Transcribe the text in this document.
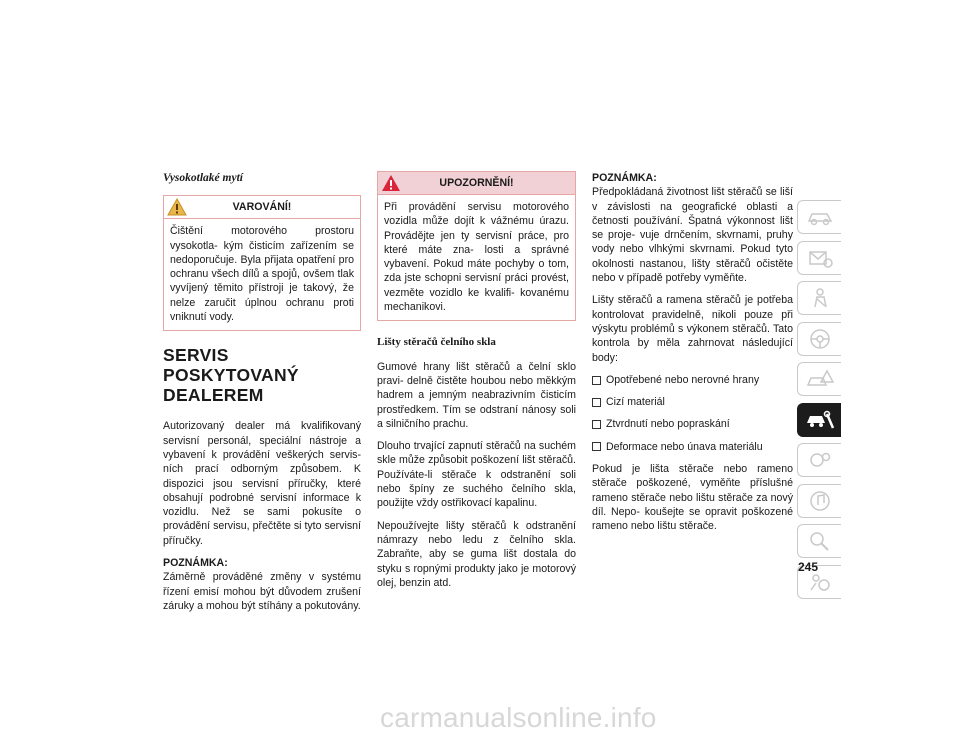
Vysokotlaké mytí
VAROVÁNÍ!
Čištění motorového prostoru vysokotla- kým čisticím zařízením se nedoporučuje. Byla přijata opatření pro ochranu všech dílů a spojů, ovšem tlak vyvíjený těmito přístroji je takový, že nelze zaručit úplnou ochranu proti vniknutí vody.
SERVIS POSKYTOVANÝ
DEALEREM

Autorizovaný dealer má kvalifikovaný servisní personál, speciální nástroje a vybavení k provádění veškerých servis- ních prací odborným způsobem. K dispozici jsou servisní příručky, které obsahují podrobné servisní informace k vozidlu. Než se sami pokusíte o provádění servisu, přečtěte si tyto servisní příručky.

POZNÁMKA:

Záměrně prováděné změny v systému řízení emisí mohou být důvodem zrušení záruky a mohou být stíhány a pokutovány.

UPOZORNĚNÍ!
Při provádění servisu motorového vozidla může dojít k vážnému úrazu. Provádějte jen ty servisní práce, pro které máte zna- losti a správné vybavení. Pokud máte pochyby o tom, zda jste schopni servisní práci provést, vezměte vozidlo ke kvalifi- kovanému mechanikovi.
Lišty stěračů čelního skla

Gumové hrany lišt stěračů a čelní sklo pravi- delně čistěte houbou nebo měkkým hadrem a jemným neabrazivním čisticím prostředkem. Tím se odstraní nánosy soli a silničního prachu.

Dlouho trvající zapnutí stěračů na suchém skle může způsobit poškození lišt stěračů. Používáte-li stěrače k odstranění soli nebo špíny ze suchého čelního skla, použijte vždy ostřikovací kapalinu.

Nepoužívejte lišty stěračů k odstranění námrazy nebo ledu z čelního skla. Zabraňte, aby se guma lišt dostala do styku s ropnými produkty jako je motorový olej, benzin atd.

POZNÁMKA:

Předpokládaná životnost lišt stěračů se liší v závislosti na geografické oblasti a četnosti používání. Špatná výkonnost lišt se proje- vuje drnčením, skvrnami, pruhy vody nebo vlhkými skvrnami. Pokud tyto okolnosti nastanou, lišty stěračů očistěte nebo v případě potřeby vyměňte.

Lišty stěračů a ramena stěračů je potřeba kontrolovat pravidelně, nikoli pouze při výskytu problémů s výkonem stěračů. Tato kontrola by měla zahrnovat následující body:

Opotřebené nebo nerovné hrany
Cizí materiál
Ztvrdnutí nebo popraskání
Deformace nebo únava materiálu

Pokud je lišta stěrače nebo rameno stěrače poškozené, vyměňte příslušné rameno stěrače nebo lištu stěrače za nový díl. Nepo- koušejte se opravit poškozené rameno nebo lištu stěrače.

245
carmanualsonline.info
